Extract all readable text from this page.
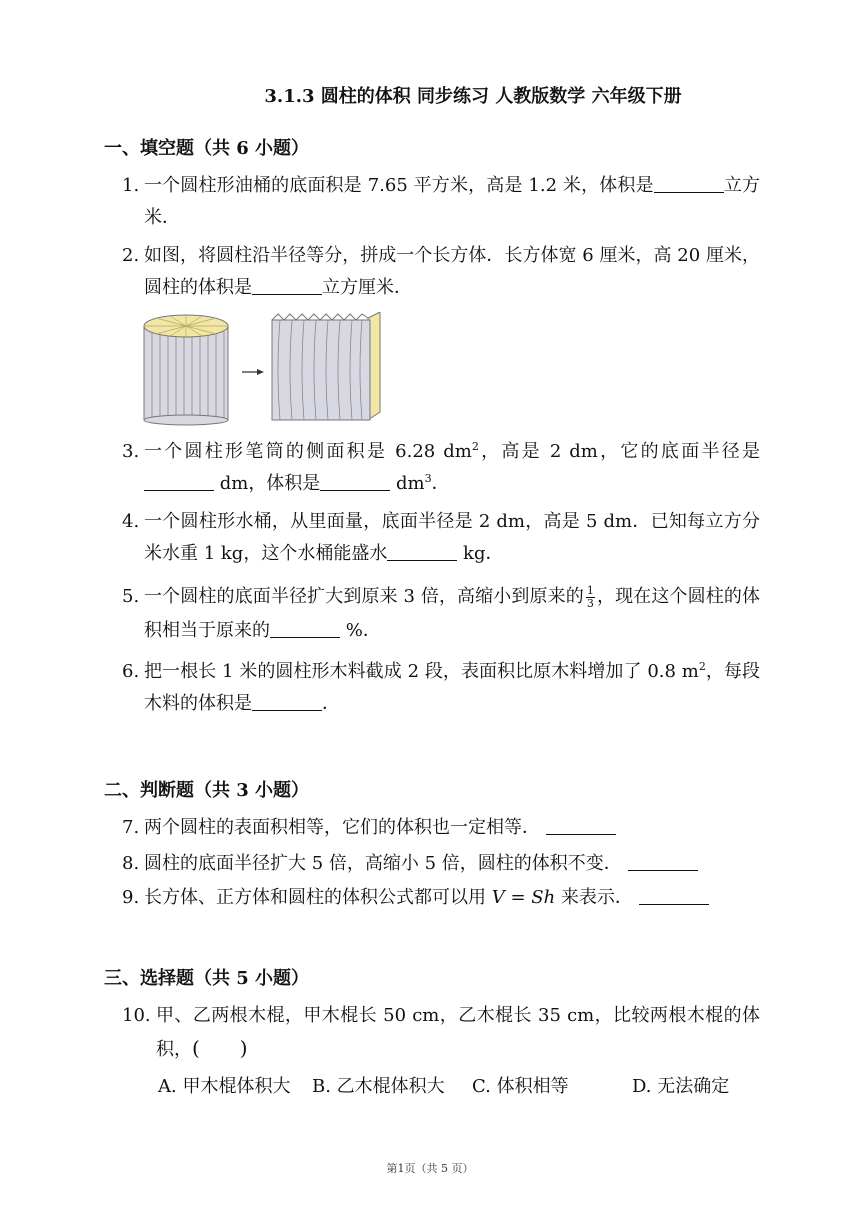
3.1.3 圆柱的体积 同步练习 人教版数学 六年级下册
一、填空题（共 6 小题）
1. 一个圆柱形油桶的底面积是 7.65 平方米，高是 1.2 米，体积是	立方米．
2. 如图，将圆柱沿半径等分，拼成一个长方体．长方体宽 6 厘米，高 20 厘米，圆柱的体积是	立方厘米．
3. 一个圆柱形笔筒的侧面积是 6.28 $dm^2$，高是 2 dm，它的底面半径是 dm，体积是	$dm^3$．
4. 一个圆柱形水桶，从里面量，底面半径是 2 dm，高是 5 dm．已知每立方分米水重 1 kg，这个水桶能盛水	kg．
5. 一个圆柱的底面半径扩大到原来 3 倍，高缩小到原来的 $\frac{1}{3}$ ，现在这个圆柱的体积相当于原来的	%．
6. 把一根长 1 米的圆柱形木料截成 2 段，表面积比原木料增加了 0.8 $m^2$，每段木料的体积是	．
二、判断题（共 3 小题）
7. 两个圆柱的表面积相等，它们的体积也一定相等．
8. 圆柱的底面半径扩大 5 倍，高缩小 5 倍，圆柱的体积不变．
9. 长方体、正方体和圆柱的体积公式都可以用 V = Sh 来表示．
三、选择题（共 5 小题）
10. 甲、乙两根木棍，甲木棍长 50 cm，乙木棍长 35 cm，比较两根木棍的体积，(　　)
A. 甲木棍体积大 B. 乙木棍体积大 C. 体积相等	D. 无法确定
第1页（共 5 页）
